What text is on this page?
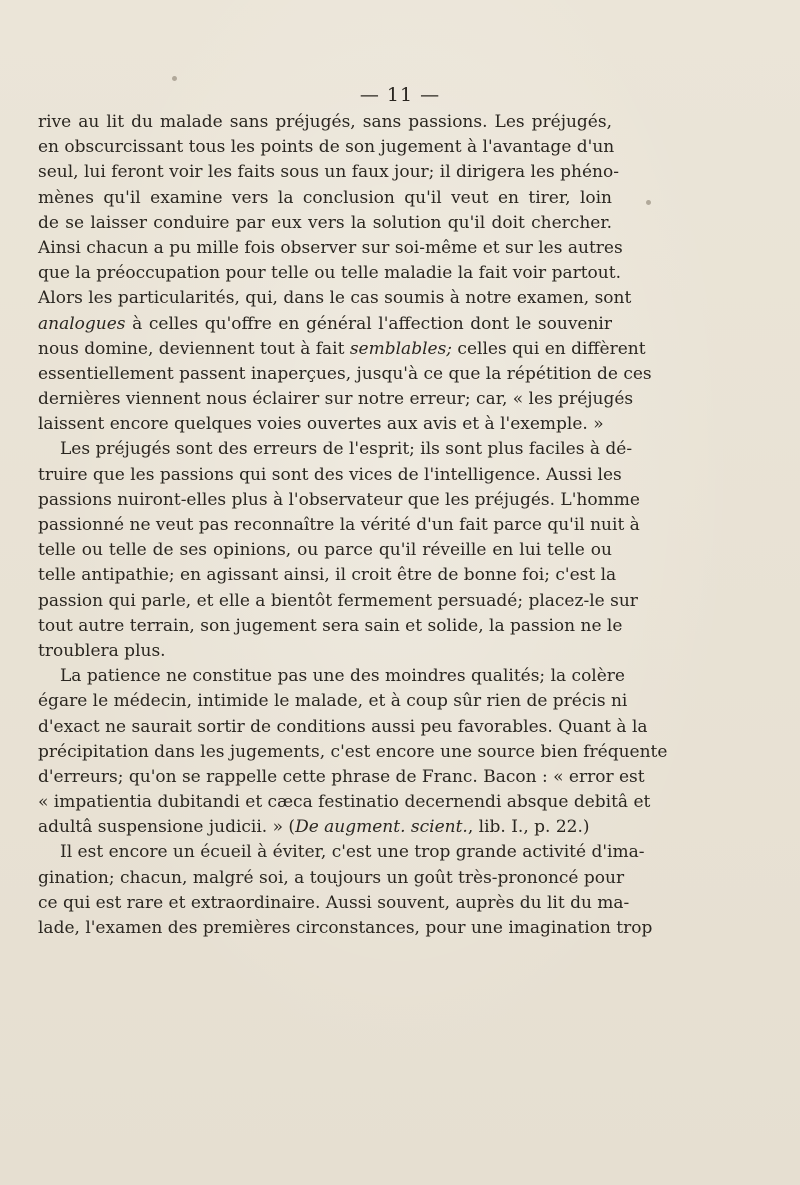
— 11 —
rive au lit du malade sans préjugés, sans passions. Les préjugés,
en obscurcissant tous les points de son jugement à l'avantage d'un
seul, lui feront voir les faits sous un faux jour; il dirigera les phéno-
mènes qu'il examine vers la conclusion qu'il veut en tirer, loin
de se laisser conduire par eux vers la solution qu'il doit chercher.
Ainsi chacun a pu mille fois observer sur soi-même et sur les autres
que la préoccupation pour telle ou telle maladie la fait voir partout.
Alors les particularités, qui, dans le cas soumis à notre examen, sont
analogues à celles qu'offre en général l'affection dont le souvenir
nous domine, deviennent tout à fait semblables; celles qui en diffèrent
essentiellement passent inaperçues, jusqu'à ce que la répétition de ces
dernières viennent nous éclairer sur notre erreur; car, « les préjugés
laissent encore quelques voies ouvertes aux avis et à l'exemple. »
Les préjugés sont des erreurs de l'esprit; ils sont plus faciles à dé-
truire que les passions qui sont des vices de l'intelligence. Aussi les
passions nuiront-elles plus à l'observateur que les préjugés. L'homme
passionné ne veut pas reconnaître la vérité d'un fait parce qu'il nuit à
telle ou telle de ses opinions, ou parce qu'il réveille en lui telle ou
telle antipathie; en agissant ainsi, il croit être de bonne foi; c'est la
passion qui parle, et elle a bientôt fermement persuadé; placez-le sur
tout autre terrain, son jugement sera sain et solide, la passion ne le
troublera plus.
La patience ne constitue pas une des moindres qualités; la colère
égare le médecin, intimide le malade, et à coup sûr rien de précis ni
d'exact ne saurait sortir de conditions aussi peu favorables. Quant à la
précipitation dans les jugements, c'est encore une source bien fréquente
d'erreurs; qu'on se rappelle cette phrase de Franc. Bacon : « error est
« impatientia dubitandi et cæca festinatio decernendi absque debitâ et
adultâ suspensione judicii. » (De augment. scient., lib. I., p. 22.)
Il est encore un écueil à éviter, c'est une trop grande activité d'ima-
gination; chacun, malgré soi, a toujours un goût très-prononcé pour
ce qui est rare et extraordinaire. Aussi souvent, auprès du lit du ma-
lade, l'examen des premières circonstances, pour une imagination trop
